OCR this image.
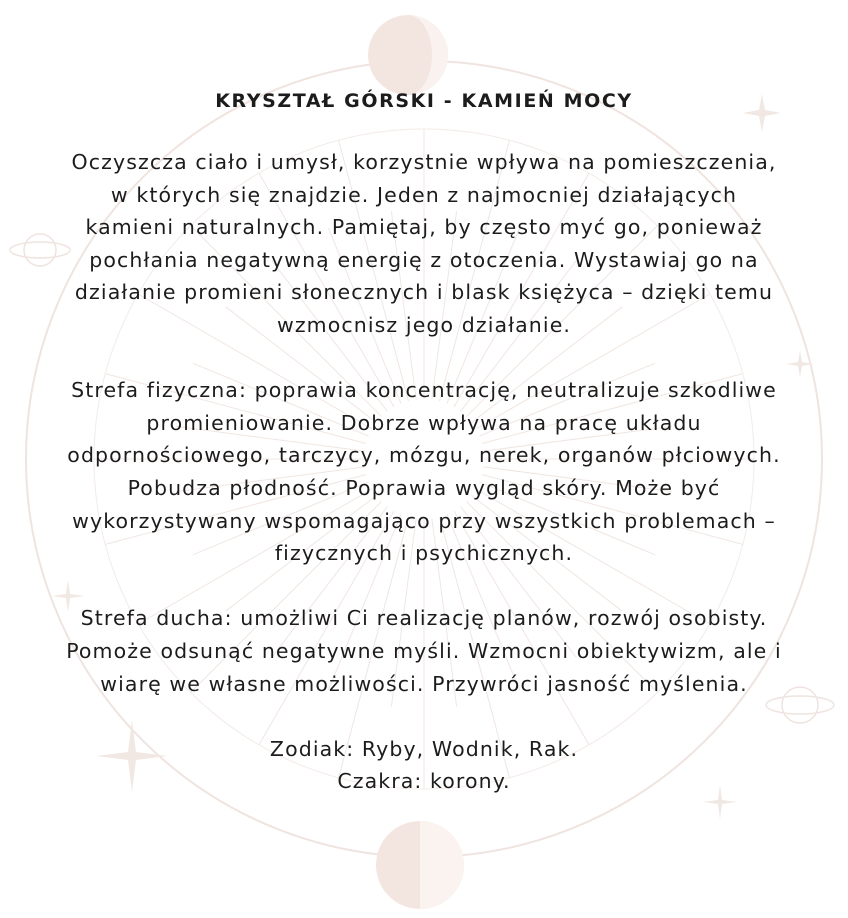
KRYSZTAŁ GÓRSKI - KAMIEŃ MOCY
Oczyszcza ciało i umysł, korzystnie wpływa na pomieszczenia,
w których się znajdzie. Jeden z najmocniej działających
kamieni naturalnych. Pamiętaj, by często myć go, ponieważ
pochłania negatywną energię z otoczenia. Wystawiaj go na
działanie promieni słonecznych i blask księżyca – dzięki temu
wzmocnisz jego działanie.
Strefa fizyczna: poprawia koncentrację, neutralizuje szkodliwe
promieniowanie. Dobrze wpływa na pracę układu
odpornościowego, tarczycy, mózgu, nerek, organów płciowych.
Pobudza płodność. Poprawia wygląd skóry. Może być
wykorzystywany wspomagająco przy wszystkich problemach –
fizycznych i psychicznych.
Strefa ducha: umożliwi Ci realizację planów, rozwój osobisty.
Pomoże odsunąć negatywne myśli. Wzmocni obiektywizm, ale i
wiarę we własne możliwości. Przywróci jasność myślenia.
Zodiak: Ryby, Wodnik, Rak.
Czakra: korony.
